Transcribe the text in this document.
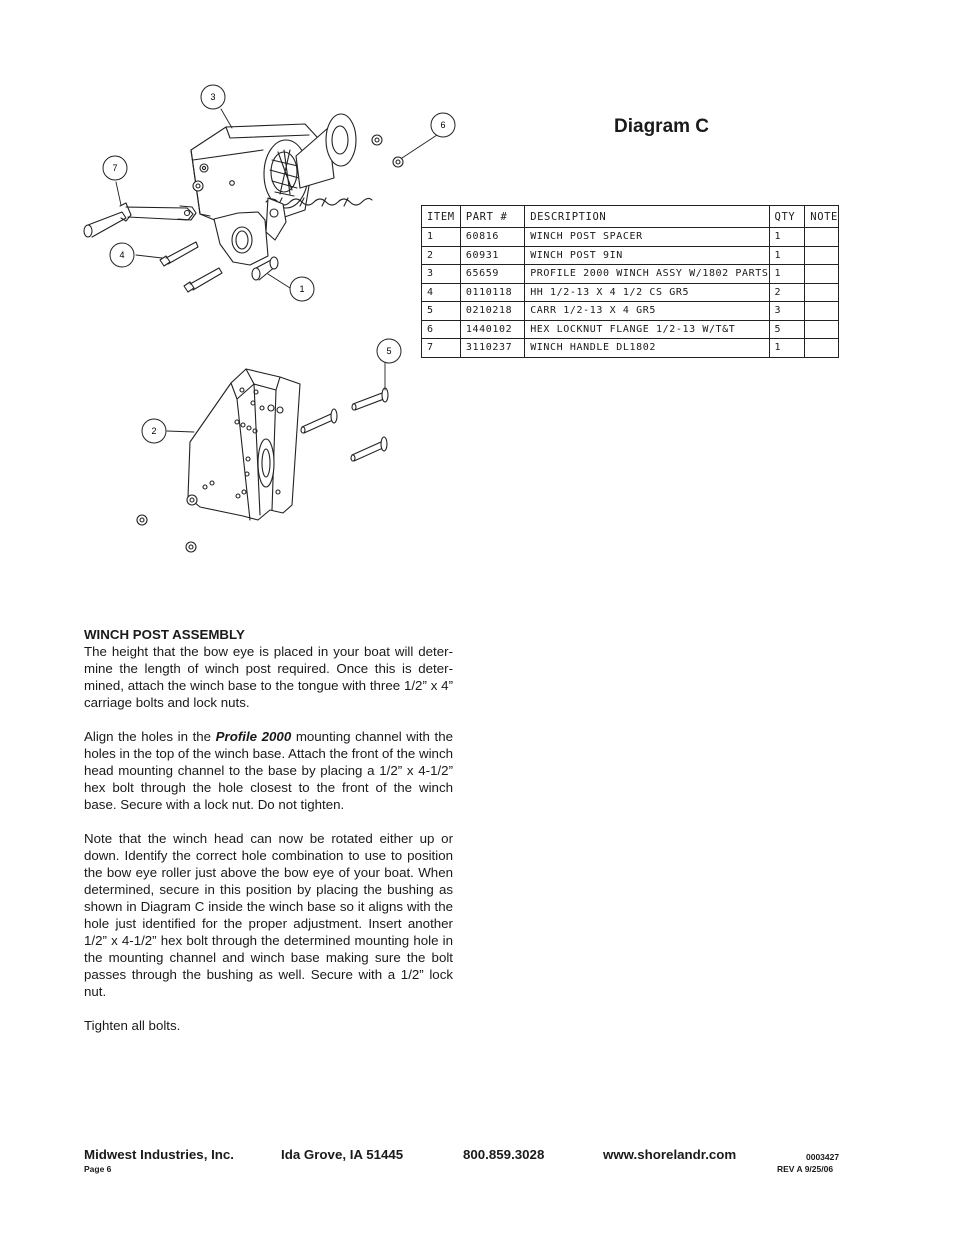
3
6
7
4
1
5
2
Diagram C
ITEM	PART #	DESCRIPTION	QTY	NOTE
1	60816	WINCH POST SPACER	1	
2	60931	WINCH POST 9IN	1	
3	65659	PROFILE 2000 WINCH ASSY W/1802 PARTS	1	
4	0110118	HH 1/2-13 X 4 1/2 CS GR5	2	
5	0210218	CARR 1/2-13 X 4 GR5	3	
6	1440102	HEX LOCKNUT FLANGE 1/2-13 W/T&T	5	
7	3110237	WINCH HANDLE DL1802	1	
WINCH POST ASSEMBLY

The height that the bow eye is placed in your boat will determine the length of winch post required. Once this is determined, attach the winch base to the tongue with three 1/2” x 4” carriage bolts and lock nuts.

Align the holes in the Profile 2000 mounting channel with the holes in the top of the winch base. Attach the front of the winch head mounting channel to the base by placing a 1/2” x 4-1/2” hex bolt through the hole closest to the front of the winch base. Secure with a lock nut. Do not tighten.

Note that the winch head can now be rotated either up or down. Identify the correct hole combination to use to position the bow eye roller just above the bow eye of your boat. When determined, secure in this position by placing the bushing as shown in Diagram C inside the winch base so it aligns with the hole just identified for the proper adjustment. Insert another 1/2” x 4-1/2” hex bolt through the determined mounting hole in the mounting channel and winch base making sure the bolt passes through the bushing as well. Secure with a 1/2” lock nut.

Tighten all bolts.

Midwest Industries, Inc.	Ida Grove, IA 51445	800.859.3028	www.shorelandr.com
Page 6
0003427
REV A 9/25/06
